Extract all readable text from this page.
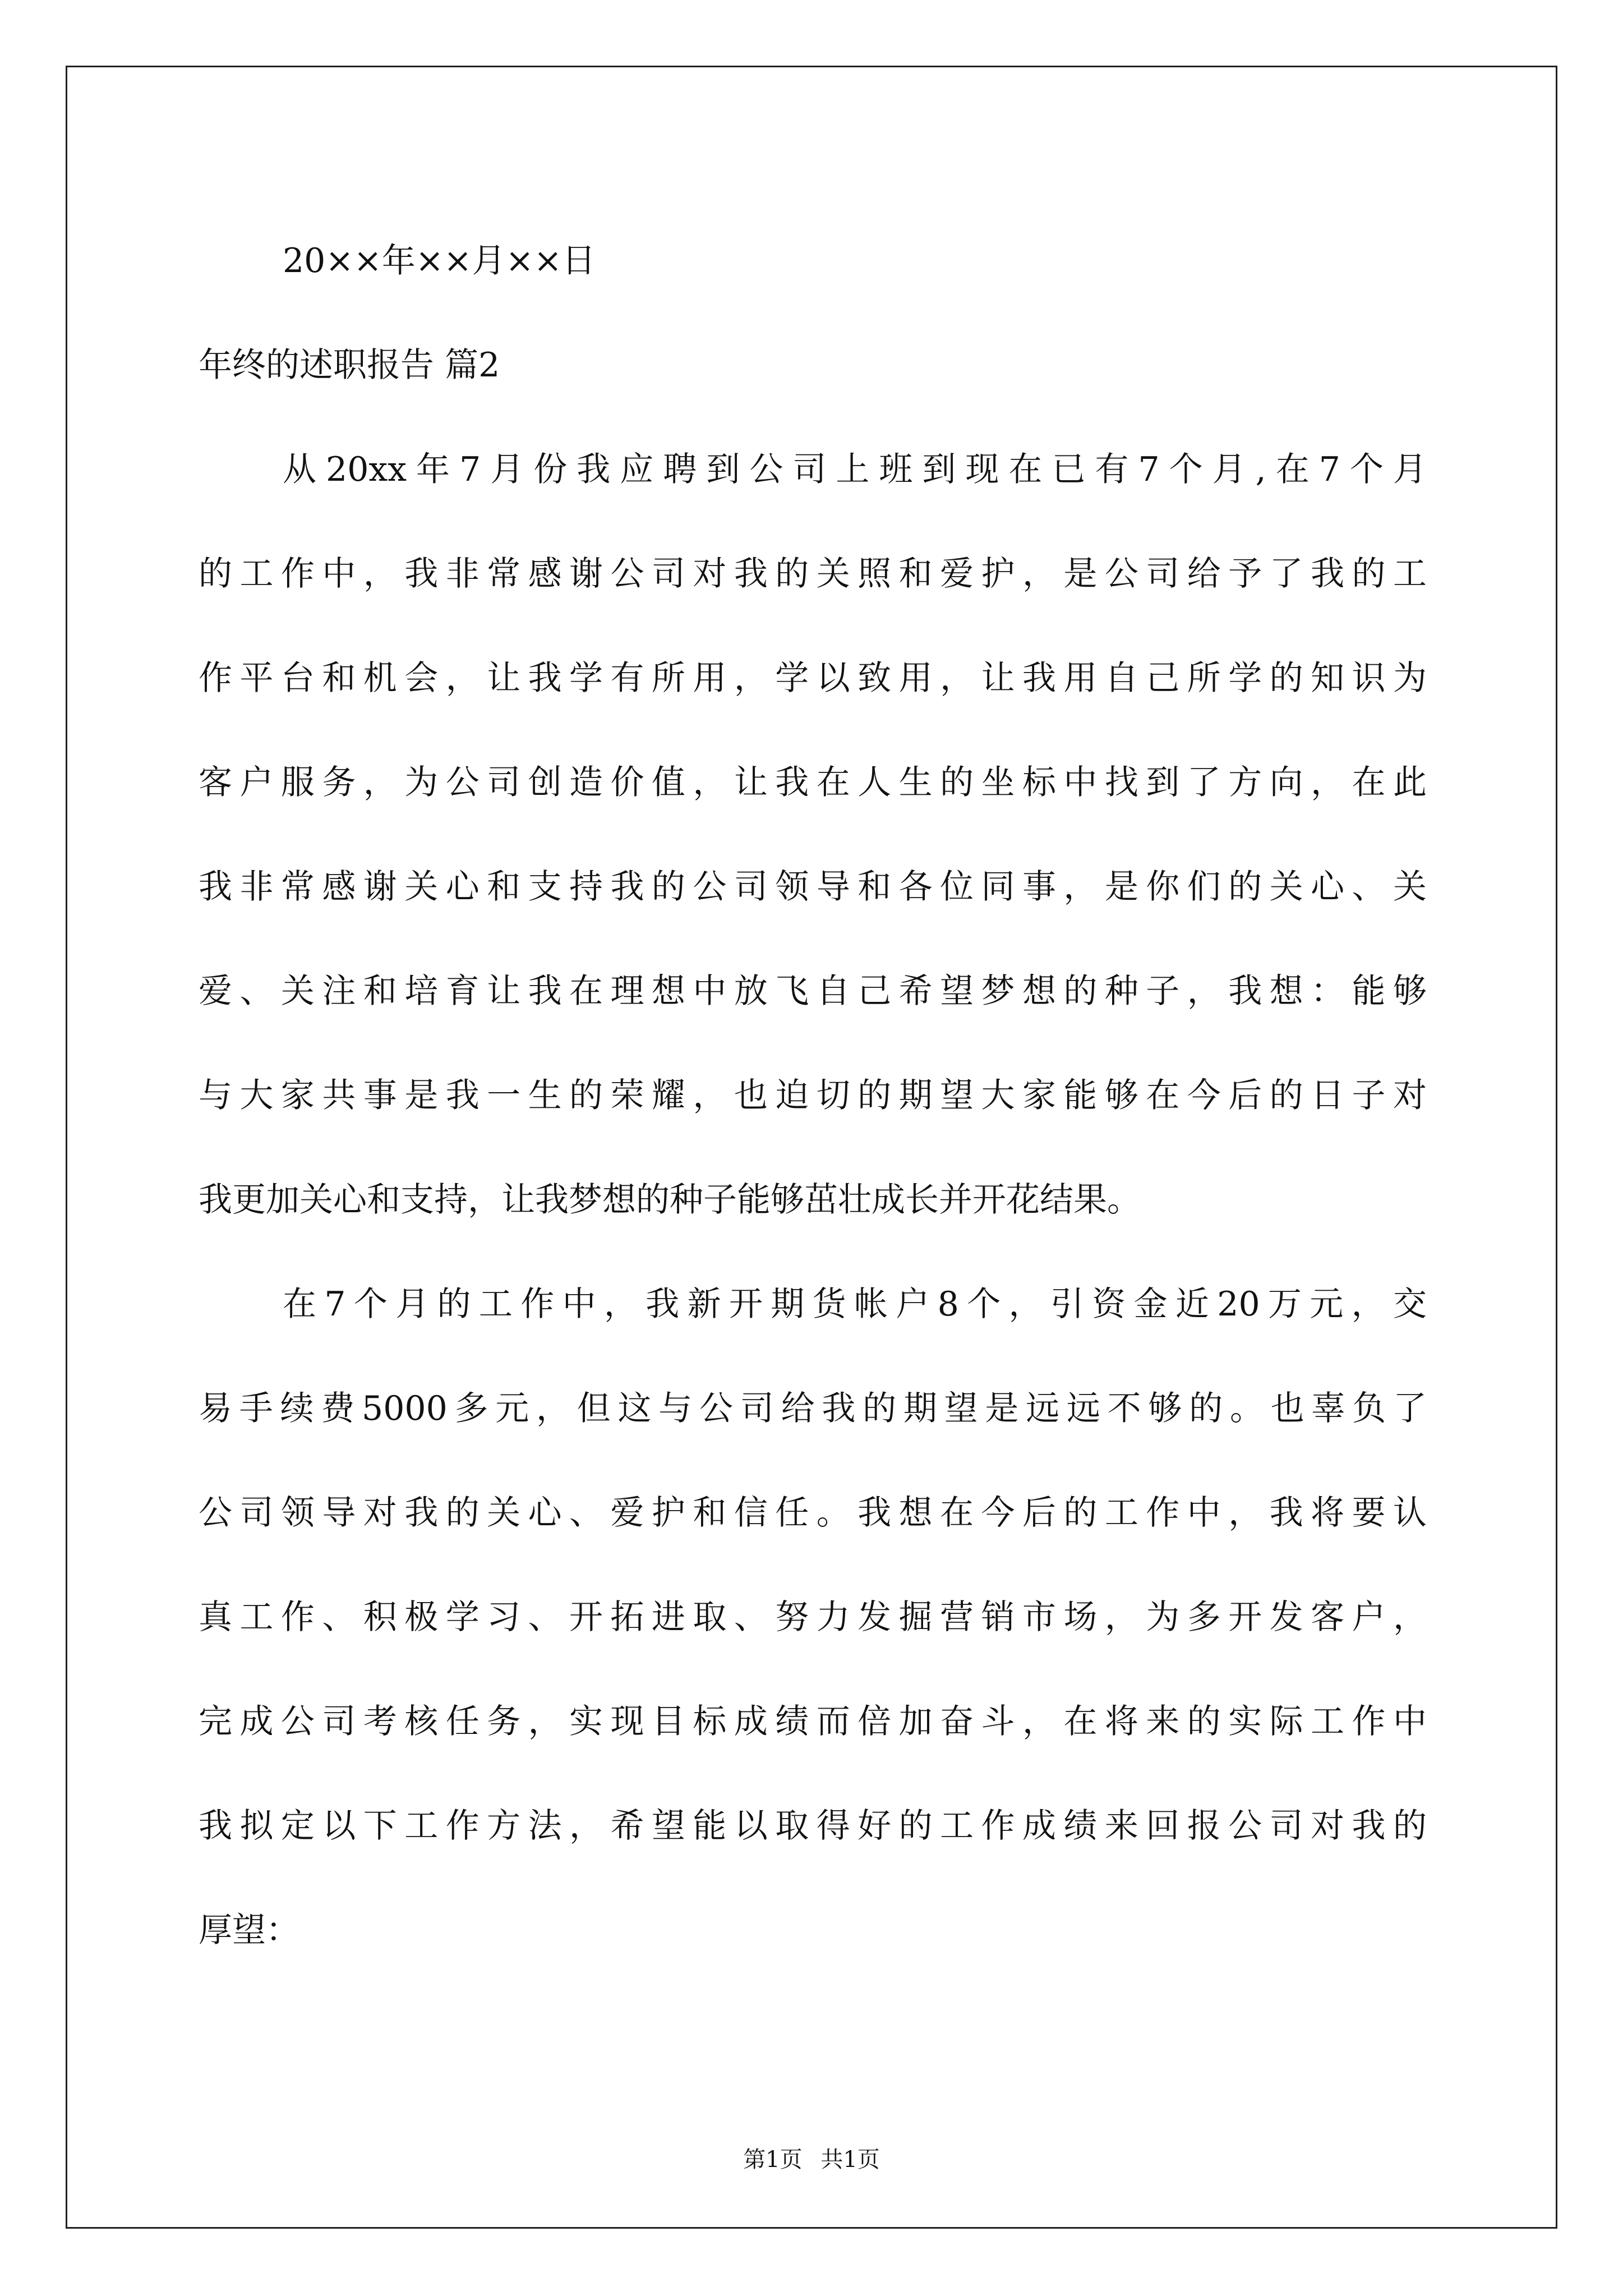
20××年××月××日
年终的述职报告 篇2
从20xx年7月份我应聘到公司上班到现在已有7个月,在7个月
的工作中，我非常感谢公司对我的关照和爱护，是公司给予了我的工
作平台和机会，让我学有所用，学以致用，让我用自己所学的知识为
客户服务，为公司创造价值，让我在人生的坐标中找到了方向，在此
我非常感谢关心和支持我的公司领导和各位同事，是你们的关心、关
爱、关注和培育让我在理想中放飞自己希望梦想的种子，我想：能够
与大家共事是我一生的荣耀，也迫切的期望大家能够在今后的日子对
我更加关心和支持，让我梦想的种子能够茁壮成长并开花结果。
在7个月的工作中，我新开期货帐户8个，引资金近20万元，交
易手续费5000多元，但这与公司给我的期望是远远不够的。也辜负了
公司领导对我的关心、爱护和信任。我想在今后的工作中，我将要认
真工作、积极学习、开拓进取、努力发掘营销市场，为多开发客户，
完成公司考核任务，实现目标成绩而倍加奋斗，在将来的实际工作中
我拟定以下工作方法，希望能以取得好的工作成绩来回报公司对我的
厚望：
第1页 共1页
